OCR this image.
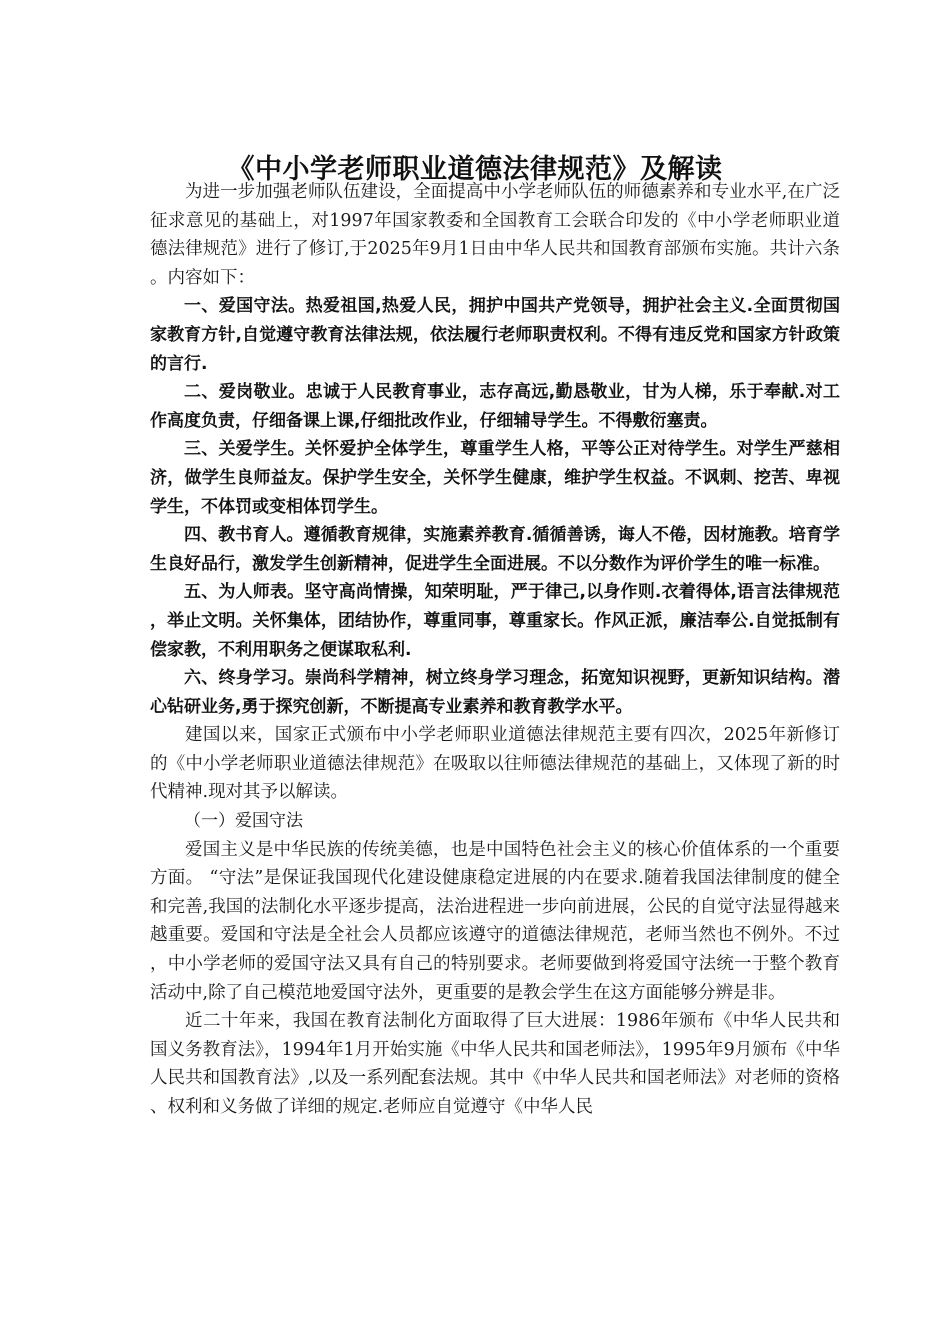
《中小学老师职业道德法律规范》及解读

为进一步加强老师队伍建设，全面提高中小学老师队伍的师德素养和专业水平,在广泛征求意见的基础上，对1997年国家教委和全国教育工会联合印发的《中小学老师职业道德法律规范》进行了修订,于2025年9月1日由中华人民共和国教育部颁布实施。共计六条。内容如下：

一、爱国守法。热爱祖国,热爱人民，拥护中国共产党领导，拥护社会主义.全面贯彻国家教育方针,自觉遵守教育法律法规，依法履行老师职责权利。不得有违反党和国家方针政策的言行.

二、爱岗敬业。忠诚于人民教育事业，志存高远,勤恳敬业，甘为人梯，乐于奉献.对工作高度负责，仔细备课上课,仔细批改作业，仔细辅导学生。不得敷衍塞责。

三、关爱学生。关怀爱护全体学生，尊重学生人格，平等公正对待学生。对学生严慈相济，做学生良师益友。保护学生安全，关怀学生健康，维护学生权益。不讽刺、挖苦、卑视学生，不体罚或变相体罚学生。

四、教书育人。遵循教育规律，实施素养教育.循循善诱，诲人不倦，因材施教。培育学生良好品行，激发学生创新精神，促进学生全面进展。不以分数作为评价学生的唯一标准。

五、为人师表。坚守高尚情操，知荣明耻，严于律己,以身作则.衣着得体,语言法律规范，举止文明。关怀集体，团结协作，尊重同事，尊重家长。作风正派，廉洁奉公.自觉抵制有偿家教，不利用职务之便谋取私利.

六、终身学习。崇尚科学精神，树立终身学习理念，拓宽知识视野，更新知识结构。潜心钻研业务,勇于探究创新，不断提高专业素养和教育教学水平。

建国以来，国家正式颁布中小学老师职业道德法律规范主要有四次，2025年新修订的《中小学老师职业道德法律规范》在吸取以往师德法律规范的基础上，又体现了新的时代精神.现对其予以解读。

（一）爱国守法

爱国主义是中华民族的传统美德，也是中国特色社会主义的核心价值体系的一个重要方面。 “守法”是保证我国现代化建设健康稳定进展的内在要求.随着我国法律制度的健全和完善,我国的法制化水平逐步提高，法治进程进一步向前进展，公民的自觉守法显得越来越重要。爱国和守法是全社会人员都应该遵守的道德法律规范，老师当然也不例外。不过，中小学老师的爱国守法又具有自己的特别要求。老师要做到将爱国守法统一于整个教育活动中,除了自己模范地爱国守法外，更重要的是教会学生在这方面能够分辨是非。

近二十年来，我国在教育法制化方面取得了巨大进展：1986年颁布《中华人民共和国义务教育法》，1994年1月开始实施《中华人民共和国老师法》，1995年9月颁布《中华人民共和国教育法》,以及一系列配套法规。其中《中华人民共和国老师法》对老师的资格、权利和义务做了详细的规定.老师应自觉遵守《中华人民
